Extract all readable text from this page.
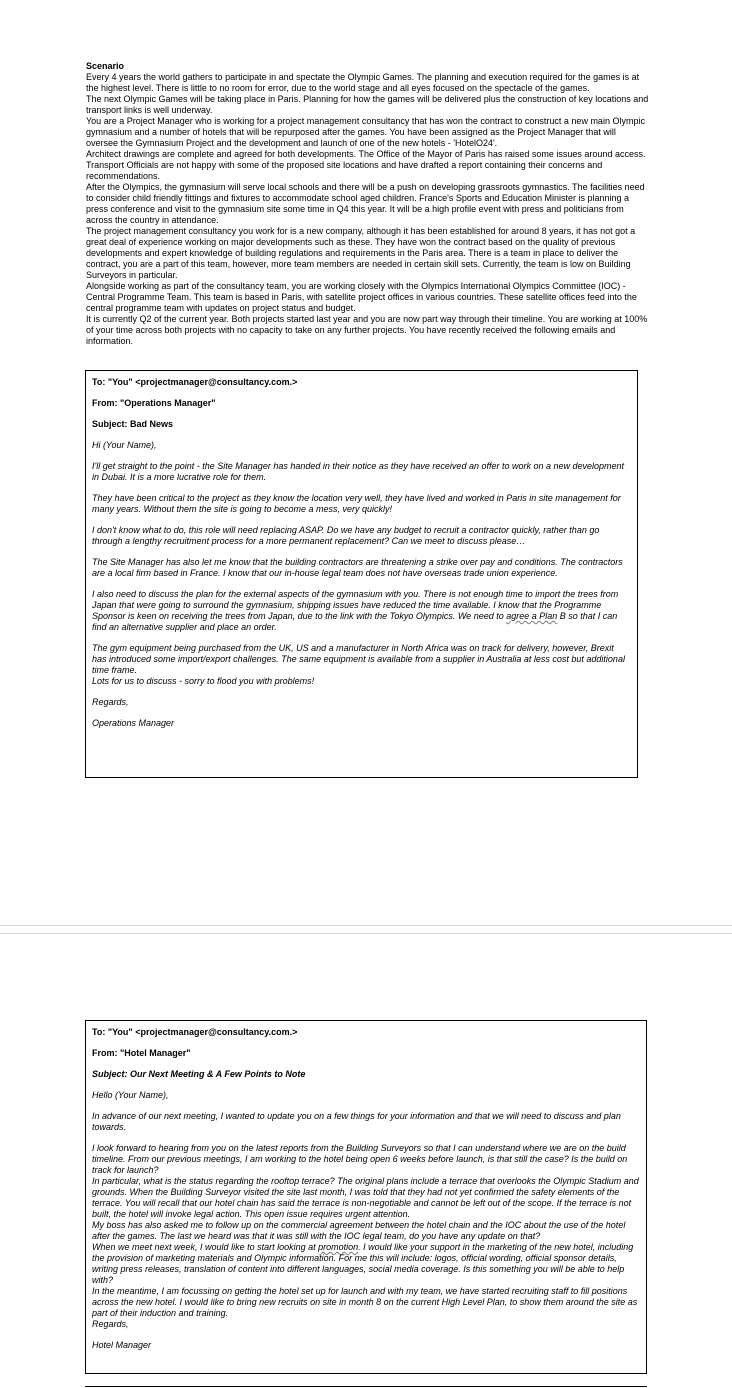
Scenario

Every 4 years the world gathers to participate in and spectate the Olympic Games. The planning and execution required for the games is at the highest level. There is little to no room for error, due to the world stage and all eyes focused on the spectacle of the games.

The next Olympic Games will be taking place in Paris. Planning for how the games will be delivered plus the construction of key locations and transport links is well underway.

You are a Project Manager who is working for a project management consultancy that has won the contract to construct a new main Olympic gymnasium and a number of hotels that will be repurposed after the games. You have been assigned as the Project Manager that will oversee the Gymnasium Project and the development and launch of one of the new hotels - 'HotelO24'.

Architect drawings are complete and agreed for both developments. The Office of the Mayor of Paris has raised some issues around access. Transport Officials are not happy with some of the proposed site locations and have drafted a report containing their concerns and recommendations.

After the Olympics, the gymnasium will serve local schools and there will be a push on developing grassroots gymnastics. The facilities need to consider child friendly fittings and fixtures to accommodate school aged children. France's Sports and Education Minister is planning a press conference and visit to the gymnasium site some time in Q4 this year. It will be a high profile event with press and politicians from across the country in attendance.

The project management consultancy you work for is a new company, although it has been established for around 8 years, it has not got a great deal of experience working on major developments such as these. They have won the contract based on the quality of previous developments and expert knowledge of building regulations and requirements in the Paris area. There is a team in place to deliver the contract, you are a part of this team, however, more team members are needed in certain skill sets. Currently, the team is low on Building Surveyors in particular.

Alongside working as part of the consultancy team, you are working closely with the Olympics International Olympics Committee (IOC) - Central Programme Team. This team is based in Paris, with satellite project offices in various countries. These satellite offices feed into the central programme team with updates on project status and budget.

It is currently Q2 of the current year. Both projects started last year and you are now part way through their timeline. You are working at 100% of your time across both projects with no capacity to take on any further projects. You have recently received the following emails and information.

To: "You" <projectmanager@consultancy.com.>
From: "Operations Manager"
Subject: Bad News

Hi (Your Name),

I'll get straight to the point - the Site Manager has handed in their notice as they have received an offer to work on a new development in Dubai. It is a more lucrative role for them.

They have been critical to the project as they know the location very well, they have lived and worked in Paris in site management for many years. Without them the site is going to become a mess, very quickly!

I don't know what to do, this role will need replacing ASAP. Do we have any budget to recruit a contractor quickly, rather than go through a lengthy recruitment process for a more permanent replacement? Can we meet to discuss please…

The Site Manager has also let me know that the building contractors are threatening a strike over pay and conditions. The contractors are a local firm based in France. I know that our in-house legal team does not have overseas trade union experience.

I also need to discuss the plan for the external aspects of the gymnasium with you. There is not enough time to import the trees from Japan that were going to surround the gymnasium, shipping issues have reduced the time available. I know that the Programme Sponsor is keen on receiving the trees from Japan, due to the link with the Tokyo Olympics. We need to agree a Plan B so that I can find an alternative supplier and place an order.

The gym equipment being purchased from the UK, US and a manufacturer in North Africa was on track for delivery, however, Brexit has introduced some import/export challenges. The same equipment is available from a supplier in Australia at less cost but additional time frame.

Lots for us to discuss - sorry to flood you with problems!

Regards,

Operations Manager

To: "You" <projectmanager@consultancy.com.>
From: "Hotel Manager"
Subject: Our Next Meeting & A Few Points to Note

Hello (Your Name),

In advance of our next meeting, I wanted to update you on a few things for your information and that we will need to discuss and plan towards.

I look forward to hearing from you on the latest reports from the Building Surveyors so that I can understand where we are on the build timeline. From our previous meetings, I am working to the hotel being open 6 weeks before launch, is that still the case? Is the build on track for launch?

In particular, what is the status regarding the rooftop terrace? The original plans include a terrace that overlooks the Olympic Stadium and grounds. When the Building Surveyor visited the site last month, I was told that they had not yet confirmed the safety elements of the terrace. You will recall that our hotel chain has said the terrace is non-negotiable and cannot be left out of the scope. If the terrace is not built, the hotel will invoke legal action. This open issue requires urgent attention.

My boss has also asked me to follow up on the commercial agreement between the hotel chain and the IOC about the use of the hotel after the games. The last we heard was that it was still with the IOC legal team, do you have any update on that?

When we meet next week, I would like to start looking at promotion. I would like your support in the marketing of the new hotel, including the provision of marketing materials and Olympic information. For me this will include: logos, official wording, official sponsor details, writing press releases, translation of content into different languages, social media coverage. Is this something you will be able to help with?

In the meantime, I am focussing on getting the hotel set up for launch and with my team, we have started recruiting staff to fill positions across the new hotel. I would like to bring new recruits on site in month 8 on the current High Level Plan, to show them around the site as part of their induction and training.

Regards,

Hotel Manager
